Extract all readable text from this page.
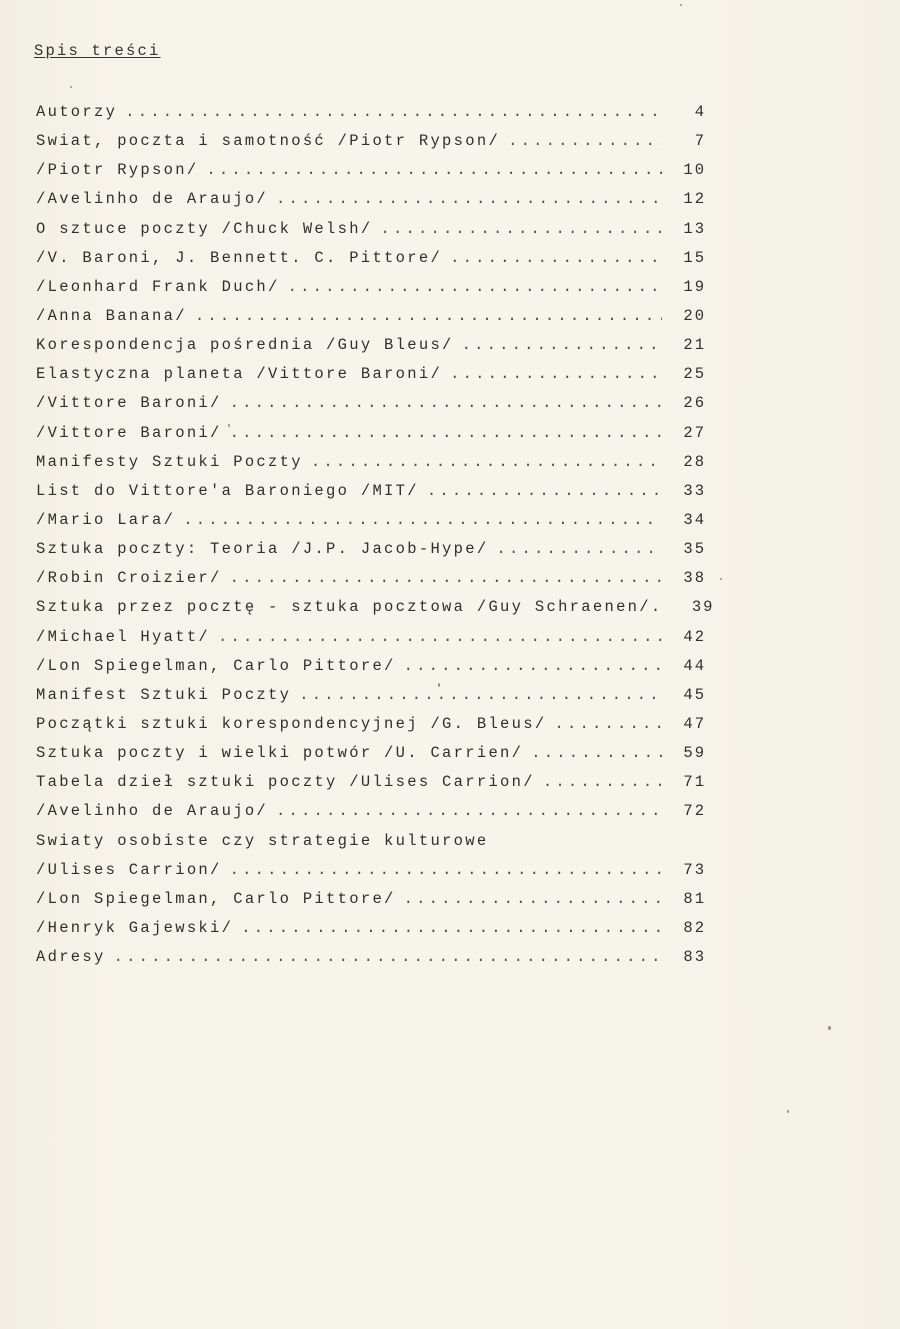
Spis treści
Autorzy .....	4
Swiat, poczta i samotność /Piotr Rypson/ .....	7
/Piotr Rypson/ .....	10
/Avelinho de Araujo/ .....	12
O sztuce poczty /Chuck Welsh/ .....	13
/V. Baroni, J. Bennett. C. Pittore/ .....	15
/Leonhard Frank Duch/ .....	19
/Anna Banana/ .....	20
Korespondencja pośrednia /Guy Bleus/ .....	21
Elastyczna planeta /Vittore Baroni/ .....	25
/Vittore Baroni/ .....	26
/Vittore Baroni/ .....	27
Manifesty Sztuki Poczty .....	28
List do Vittore'a Baroniego /MIT/ .....	33
/Mario Lara/ .....	34
Sztuka poczty: Teoria /J.P. Jacob-Hype/ .....	35
/Robin Croizier/ .....	38
Sztuka przez pocztę - sztuka pocztowa /Guy Schraenen/.	39
/Michael Hyatt/ .....	42
/Lon Spiegelman, Carlo Pittore/ .....	44
Manifest Sztuki Poczty .....	45
Początki sztuki korespondencyjnej /G. Bleus/ .....	47
Sztuka poczty i wielki potwór /U. Carrien/ .....	59
Tabela dzieł sztuki poczty /Ulises Carrion/ .....	71
/Avelinho de Araujo/ .....	72
Swiaty osobiste czy strategie kulturowe
/Ulises Carrion/ .....	73
/Lon Spiegelman, Carlo Pittore/ .....	81
/Henryk Gajewski/ .....	82
Adresy .....	83
